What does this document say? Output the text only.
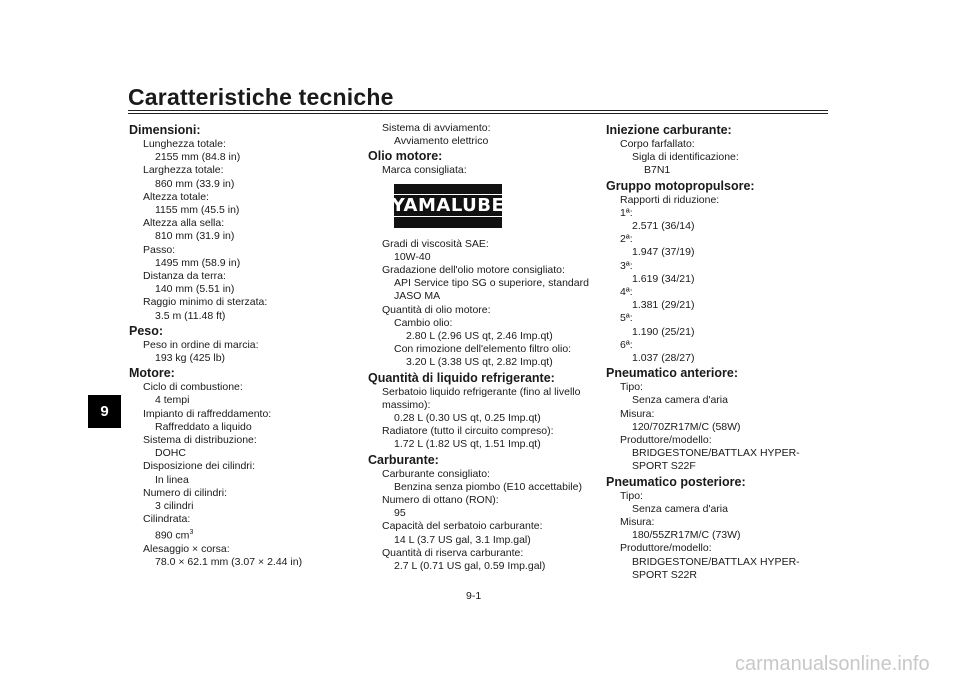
Caratteristiche tecniche
9
Dimensioni:
Lunghezza totale:
2155 mm (84.8 in)
Larghezza totale:
860 mm (33.9 in)
Altezza totale:
1155 mm (45.5 in)
Altezza alla sella:
810 mm (31.9 in)
Passo:
1495 mm (58.9 in)
Distanza da terra:
140 mm (5.51 in)
Raggio minimo di sterzata:
3.5 m (11.48 ft)
Peso:
Peso in ordine di marcia:
193 kg (425 lb)
Motore:
Ciclo di combustione:
4 tempi
Impianto di raffreddamento:
Raffreddato a liquido
Sistema di distribuzione:
DOHC
Disposizione dei cilindri:
In linea
Numero di cilindri:
3 cilindri
Cilindrata:
890 $cm^3$
Alesaggio × corsa:
78.0 × 62.1 mm (3.07 × 2.44 in)
Sistema di avviamento:
Avviamento elettrico
Olio motore:
Marca consigliata:
YAMALUBE
Gradi di viscosità SAE:
10W-40
Gradazione dell'olio motore consigliato:
API Service tipo SG o superiore, standard
JASO MA
Quantità di olio motore:
Cambio olio:
2.80 L (2.96 US qt, 2.46 Imp.qt)
Con rimozione dell'elemento filtro olio:
3.20 L (3.38 US qt, 2.82 Imp.qt)
Quantità di liquido refrigerante:
Serbatoio liquido refrigerante (fino al livello
massimo):
0.28 L (0.30 US qt, 0.25 Imp.qt)
Radiatore (tutto il circuito compreso):
1.72 L (1.82 US qt, 1.51 Imp.qt)
Carburante:
Carburante consigliato:
Benzina senza piombo (E10 accettabile)
Numero di ottano (RON):
95
Capacità del serbatoio carburante:
14 L (3.7 US gal, 3.1 Imp.gal)
Quantità di riserva carburante:
2.7 L (0.71 US gal, 0.59 Imp.gal)
Iniezione carburante:
Corpo farfallato:
Sigla di identificazione:
B7N1
Gruppo motopropulsore:
Rapporti di riduzione:
1ª:
2.571 (36/14)
2ª:
1.947 (37/19)
3ª:
1.619 (34/21)
4ª:
1.381 (29/21)
5ª:
1.190 (25/21)
6ª:
1.037 (28/27)
Pneumatico anteriore:
Tipo:
Senza camera d'aria
Misura:
120/70ZR17M/C (58W)
Produttore/modello:
BRIDGESTONE/BATTLAX HYPER-
SPORT S22F
Pneumatico posteriore:
Tipo:
Senza camera d'aria
Misura:
180/55ZR17M/C (73W)
Produttore/modello:
BRIDGESTONE/BATTLAX HYPER-
SPORT S22R
9-1
carmanualsonline.info
